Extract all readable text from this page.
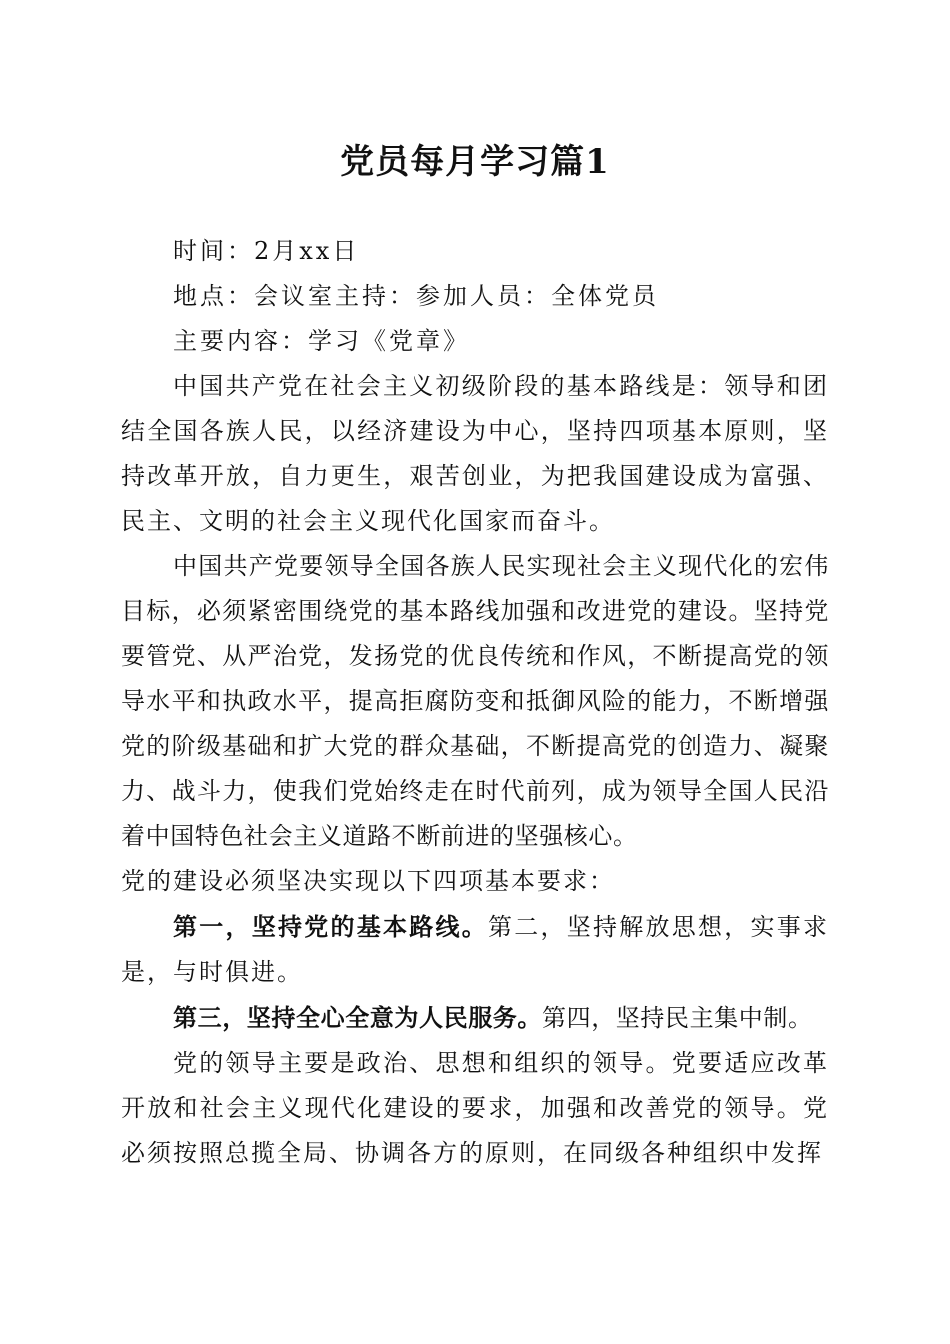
党员每月学习篇1

时间：2月xx日

地点：会议室主持：参加人员：全体党员

主要内容：学习《党章》

中国共产党在社会主义初级阶段的基本路线是：领导和团结全国各族人民，以经济建设为中心，坚持四项基本原则，坚持改革开放，自力更生，艰苦创业，为把我国建设成为富强、民主、文明的社会主义现代化国家而奋斗。

中国共产党要领导全国各族人民实现社会主义现代化的宏伟目标，必须紧密围绕党的基本路线加强和改进党的建设。坚持党要管党、从严治党，发扬党的优良传统和作风，不断提高党的领导水平和执政水平，提高拒腐防变和抵御风险的能力，不断增强党的阶级基础和扩大党的群众基础，不断提高党的创造力、凝聚力、战斗力，使我们党始终走在时代前列，成为领导全国人民沿着中国特色社会主义道路不断前进的坚强核心。

党的建设必须坚决实现以下四项基本要求：

第一，坚持党的基本路线。第二，坚持解放思想，实事求是，与时俱进。

第三，坚持全心全意为人民服务。第四，坚持民主集中制。

党的领导主要是政治、思想和组织的领导。党要适应改革开放和社会主义现代化建设的要求，加强和改善党的领导。党必须按照总揽全局、协调各方的原则，在同级各种组织中发挥
